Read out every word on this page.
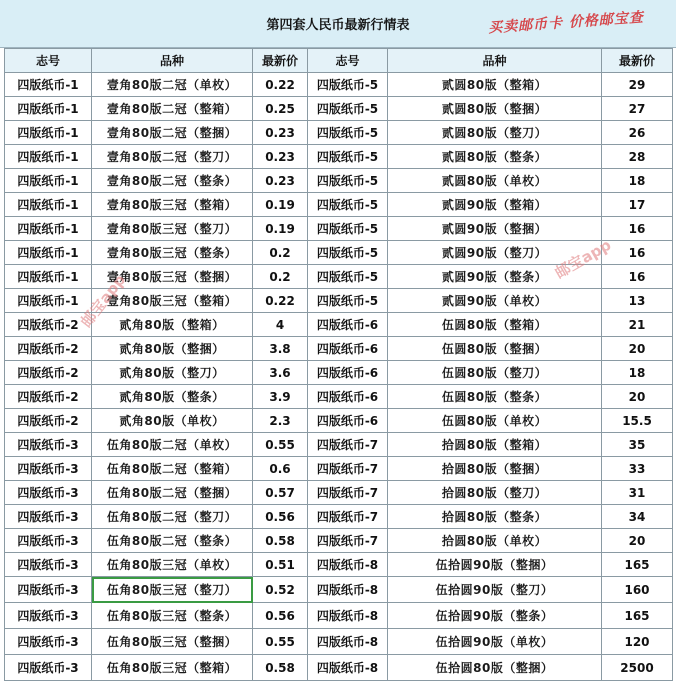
第四套人民币最新行情表	买卖邮币卡 价格邮宝查
志号	品种	最新价	志号	品种	最新价
四版纸币-1	壹角80版二冠（单枚）	0.22	四版纸币-5	贰圆80版（整箱）	29
四版纸币-1	壹角80版二冠（整箱）	0.25	四版纸币-5	贰圆80版（整捆）	27
四版纸币-1	壹角80版二冠（整捆）	0.23	四版纸币-5	贰圆80版（整刀）	26
四版纸币-1	壹角80版二冠（整刀）	0.23	四版纸币-5	贰圆80版（整条）	28
四版纸币-1	壹角80版二冠（整条）	0.23	四版纸币-5	贰圆80版（单枚）	18
四版纸币-1	壹角80版三冠（整箱）	0.19	四版纸币-5	贰圆90版（整箱）	17
四版纸币-1	壹角80版三冠（整刀）	0.19	四版纸币-5	贰圆90版（整捆）	16
四版纸币-1	壹角80版三冠（整条）	0.2	四版纸币-5	贰圆90版（整刀）	16
四版纸币-1	壹角80版三冠（整捆）	0.2	四版纸币-5	贰圆90版（整条）	16
四版纸币-1	壹角80版三冠（整箱）	0.22	四版纸币-5	贰圆90版（单枚）	13
四版纸币-2	贰角80版（整箱）	4	四版纸币-6	伍圆80版（整箱）	21
四版纸币-2	贰角80版（整捆）	3.8	四版纸币-6	伍圆80版（整捆）	20
四版纸币-2	贰角80版（整刀）	3.6	四版纸币-6	伍圆80版（整刀）	18
四版纸币-2	贰角80版（整条）	3.9	四版纸币-6	伍圆80版（整条）	20
四版纸币-2	贰角80版（单枚）	2.3	四版纸币-6	伍圆80版（单枚）	15.5
四版纸币-3	伍角80版二冠（单枚）	0.55	四版纸币-7	拾圆80版（整箱）	35
四版纸币-3	伍角80版二冠（整箱）	0.6	四版纸币-7	拾圆80版（整捆）	33
四版纸币-3	伍角80版二冠（整捆）	0.57	四版纸币-7	拾圆80版（整刀）	31
四版纸币-3	伍角80版二冠（整刀）	0.56	四版纸币-7	拾圆80版（整条）	34
四版纸币-3	伍角80版二冠（整条）	0.58	四版纸币-7	拾圆80版（单枚）	20
四版纸币-3	伍角80版三冠（单枚）	0.51	四版纸币-8	伍拾圆90版（整捆）	165
四版纸币-3	伍角80版三冠（整刀）	0.52	四版纸币-8	伍拾圆90版（整刀）	160
四版纸币-3	伍角80版三冠（整条）	0.56	四版纸币-8	伍拾圆90版（整条）	165
四版纸币-3	伍角80版三冠（整捆）	0.55	四版纸币-8	伍拾圆90版（单枚）	120
四版纸币-3	伍角80版三冠（整箱）	0.58	四版纸币-8	伍拾圆80版（整捆）	2500
邮宝app
邮宝app
